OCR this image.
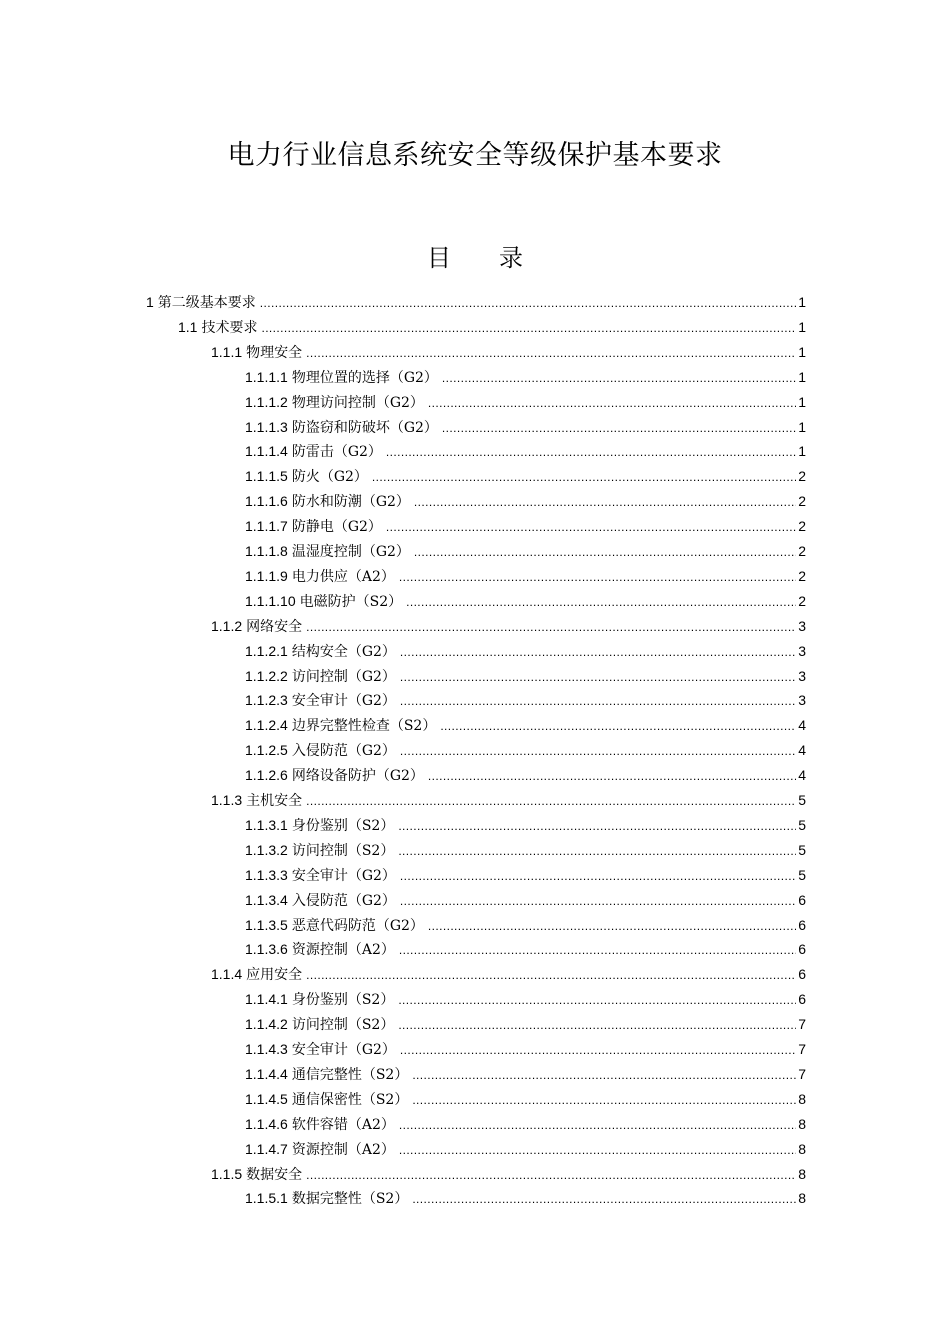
电力行业信息系统安全等级保护基本要求
目 录
1 第二级基本要求 .....	1
1.1 技术要求 .....	1
1.1.1 物理安全 .....	1
1.1.1.1 物理位置的选择（G2） .....	1
1.1.1.2 物理访问控制（G2） .....	1
1.1.1.3 防盗窃和防破坏（G2） .....	1
1.1.1.4 防雷击（G2） .....	1
1.1.1.5 防火（G2） .....	2
1.1.1.6 防水和防潮（G2） .....	2
1.1.1.7 防静电（G2） .....	2
1.1.1.8 温湿度控制（G2） .....	2
1.1.1.9 电力供应（A2） .....	2
1.1.1.10 电磁防护（S2） .....	2
1.1.2 网络安全 .....	3
1.1.2.1 结构安全（G2） .....	3
1.1.2.2 访问控制（G2） .....	3
1.1.2.3 安全审计（G2） .....	3
1.1.2.4 边界完整性检查（S2） .....	4
1.1.2.5 入侵防范（G2） .....	4
1.1.2.6 网络设备防护（G2） .....	4
1.1.3 主机安全 .....	5
1.1.3.1 身份鉴别（S2） .....	5
1.1.3.2 访问控制（S2） .....	5
1.1.3.3 安全审计（G2） .....	5
1.1.3.4 入侵防范（G2） .....	6
1.1.3.5 恶意代码防范（G2） .....	6
1.1.3.6 资源控制（A2） .....	6
1.1.4 应用安全 .....	6
1.1.4.1 身份鉴别（S2） .....	6
1.1.4.2 访问控制（S2） .....	7
1.1.4.3 安全审计（G2） .....	7
1.1.4.4 通信完整性（S2） .....	7
1.1.4.5 通信保密性（S2） .....	8
1.1.4.6 软件容错（A2） .....	8
1.1.4.7 资源控制（A2） .....	8
1.1.5 数据安全 .....	8
1.1.5.1 数据完整性（S2） .....	8
